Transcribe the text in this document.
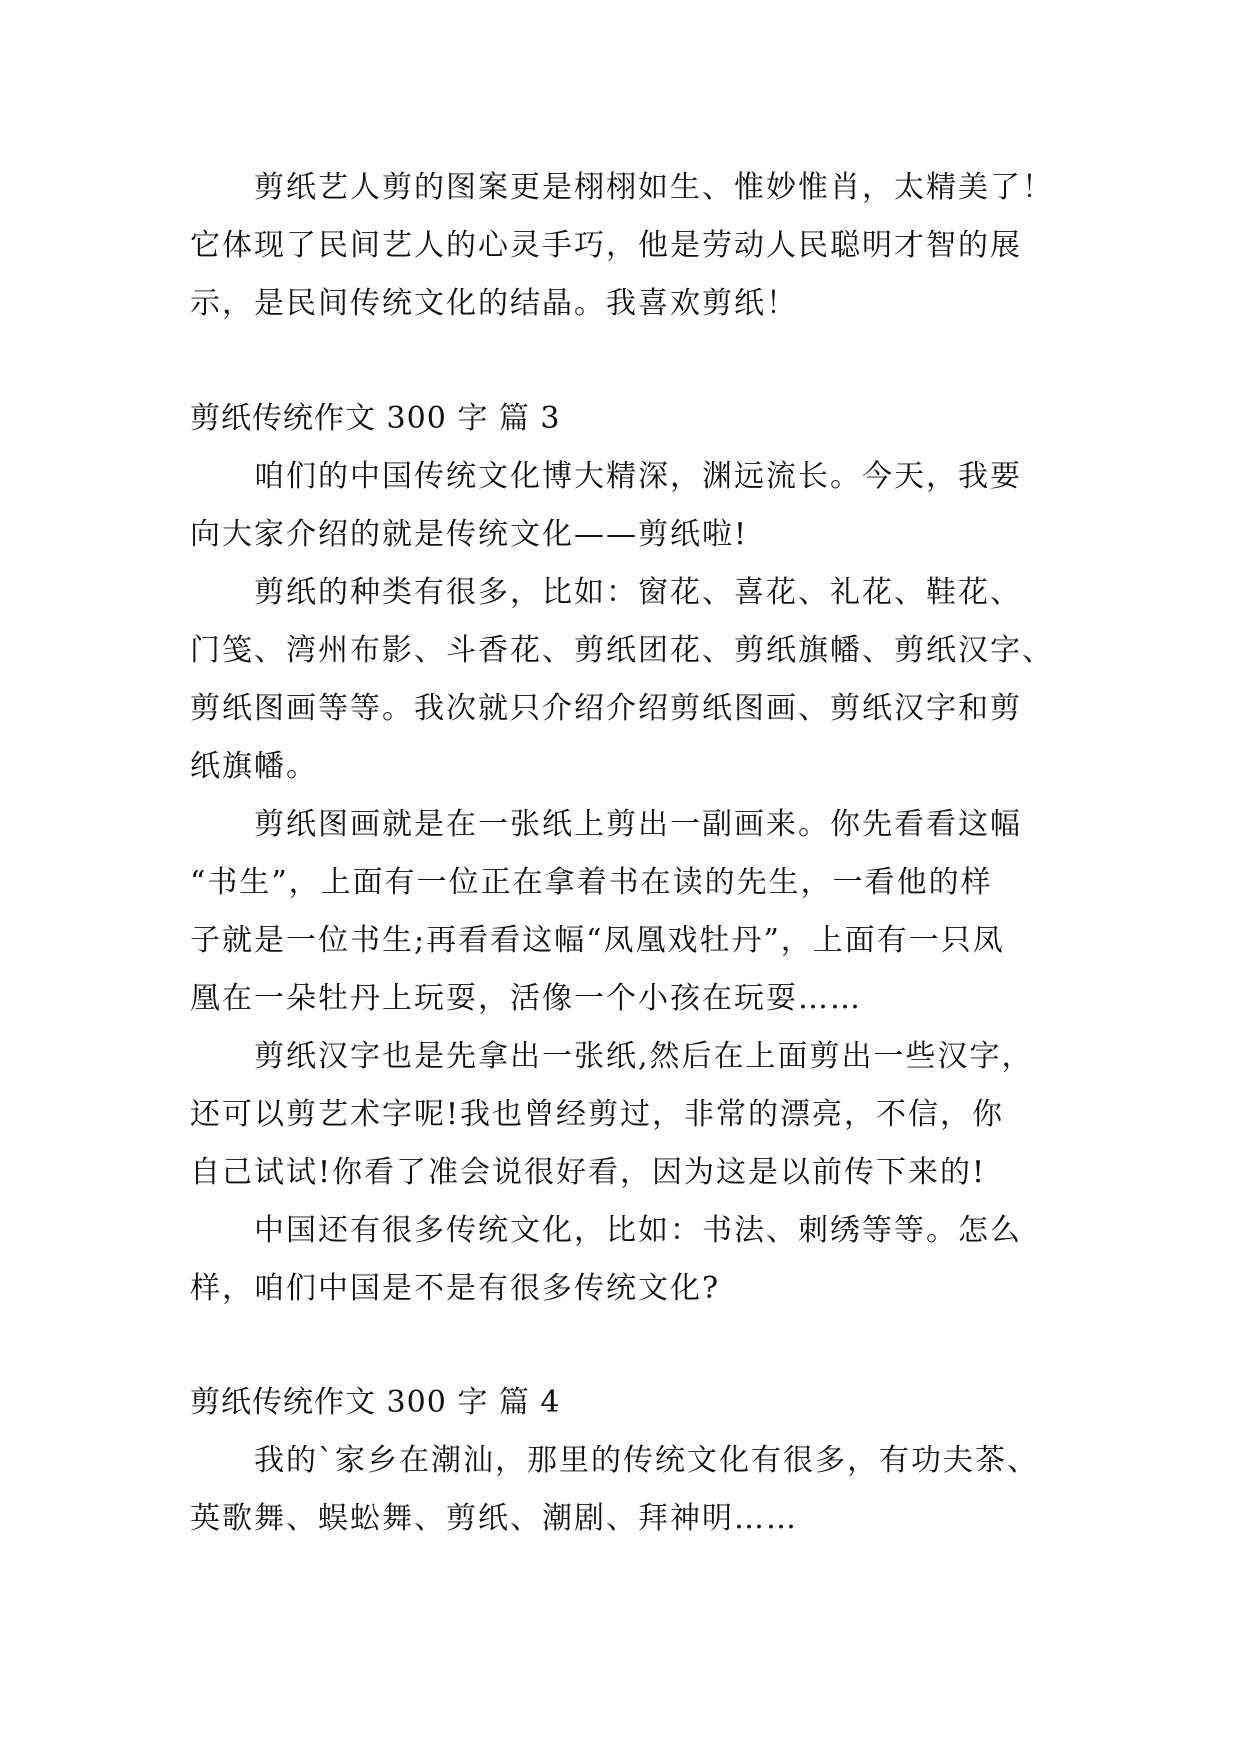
　　剪纸艺人剪的图案更是栩栩如生、惟妙惟肖，太精美了！
它体现了民间艺人的心灵手巧，他是劳动人民聪明才智的展
示，是民间传统文化的结晶。我喜欢剪纸！
剪纸传统作文 300 字 篇 3
　　咱们的中国传统文化博大精深，渊远流长。今天，我要
向大家介绍的就是传统文化——剪纸啦!
　　剪纸的种类有很多，比如：窗花、喜花、礼花、鞋花、
门笺、湾州布影、斗香花、剪纸团花、剪纸旗幡、剪纸汉字、
剪纸图画等等。我次就只介绍介绍剪纸图画、剪纸汉字和剪
纸旗幡。
　　剪纸图画就是在一张纸上剪出一副画来。你先看看这幅
“书生”，上面有一位正在拿着书在读的先生，一看他的样
子就是一位书生;再看看这幅“凤凰戏牡丹”，上面有一只凤
凰在一朵牡丹上玩耍，活像一个小孩在玩耍……
　　剪纸汉字也是先拿出一张纸,然后在上面剪出一些汉字，
还可以剪艺术字呢!我也曾经剪过，非常的漂亮，不信，你
自己试试!你看了准会说很好看，因为这是以前传下来的!
　　中国还有很多传统文化，比如：书法、刺绣等等。怎么
样，咱们中国是不是有很多传统文化?
剪纸传统作文 300 字 篇 4
　　我的`家乡在潮汕，那里的传统文化有很多，有功夫茶、
英歌舞、蜈蚣舞、剪纸、潮剧、拜神明……
